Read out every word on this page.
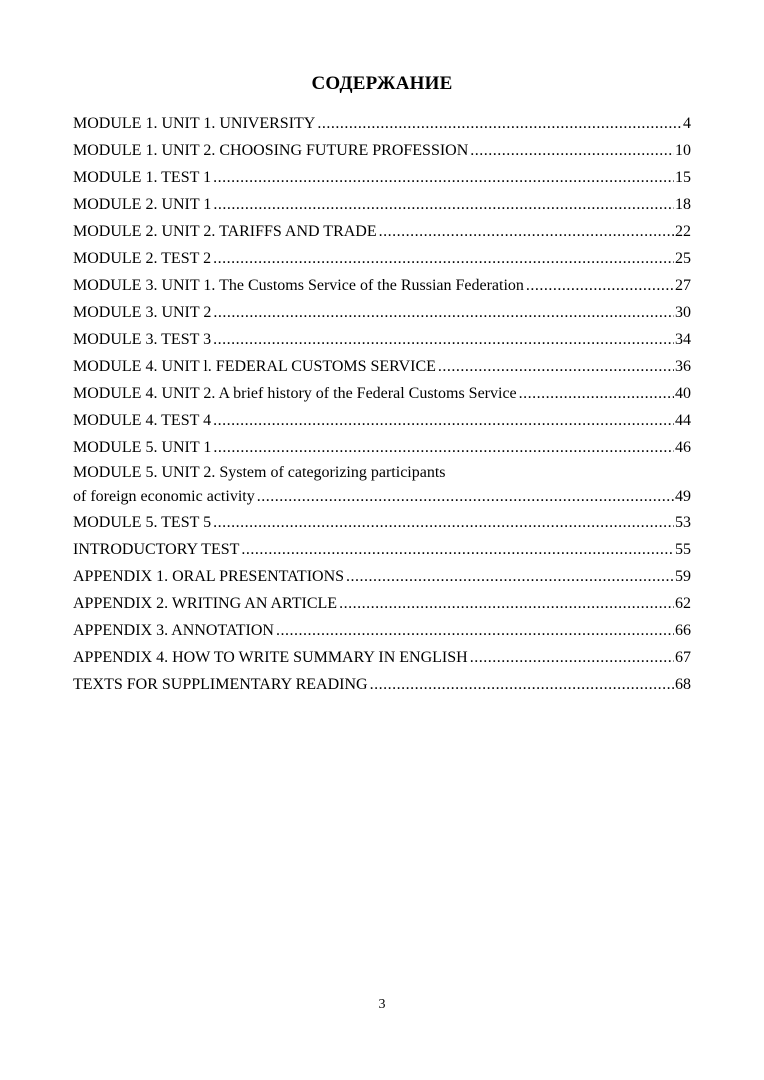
СОДЕРЖАНИЕ
MODULE 1. UNIT 1. UNIVERSITY .....	4
MODULE 1. UNIT 2. CHOOSING FUTURE PROFESSION .....	10
MODULE 1. TEST 1 .....	15
MODULE 2. UNIT 1 .....	18
MODULE 2. UNIT 2. TARIFFS AND TRADE .....	22
MODULE 2. TEST 2 .....	25
MODULE 3. UNIT 1. The Customs Service of the Russian Federation .....	27
MODULE 3. UNIT 2 .....	30
MODULE 3. TEST 3 .....	34
MODULE 4. UNIT l. FEDERAL CUSTOMS SERVICE .....	36
MODULE 4. UNIT 2. A brief history of the Federal Customs Service .....	40
MODULE 4. TEST 4 .....	44
MODULE 5. UNIT 1 .....	46
MODULE 5. UNIT 2. System of categorizing participants
of foreign economic activity .....	49
MODULE 5. TEST 5 .....	53
INTRODUCTORY TEST .....	55
APPENDIX 1. ORAL PRESENTATIONS .....	59
APPENDIX 2. WRITING AN ARTICLE .....	62
APPENDIX 3. ANNOTATION .....	66
APPENDIX 4. HOW TO WRITE SUMMARY IN ENGLISH .....	67
TEXTS FOR SUPPLIMENTARY READING .....	68
3
